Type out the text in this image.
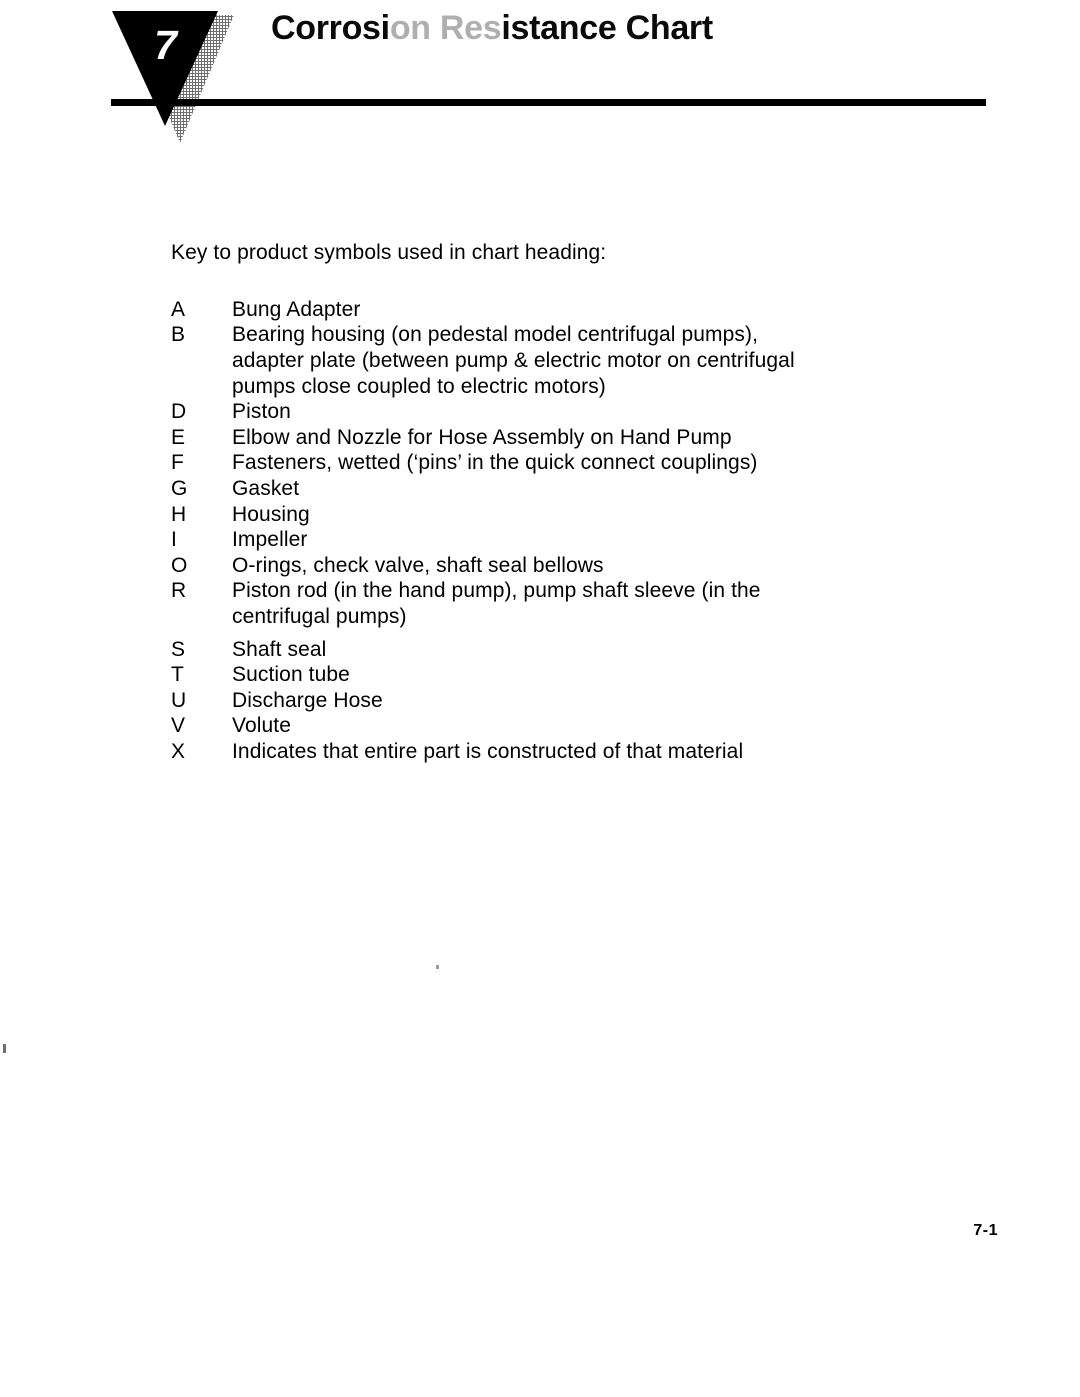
7	Corrosion Resistance Chart

Key to product symbols used in chart heading:

A	Bung Adapter
B	Bearing housing (on pedestal model centrifugal pumps), adapter plate (between pump & electric motor on centrifugal pumps close coupled to electric motors)
D	Piston
E	Elbow and Nozzle for Hose Assembly on Hand Pump
F	Fasteners, wetted (‘pins’ in the quick connect couplings)
G	Gasket
H	Housing
I	Impeller
O	O-rings, check valve, shaft seal bellows
R	Piston rod (in the hand pump), pump shaft sleeve (in the centrifugal pumps)
S	Shaft seal
T	Suction tube
U	Discharge Hose
V	Volute
X	Indicates that entire part is constructed of that material
7-1
